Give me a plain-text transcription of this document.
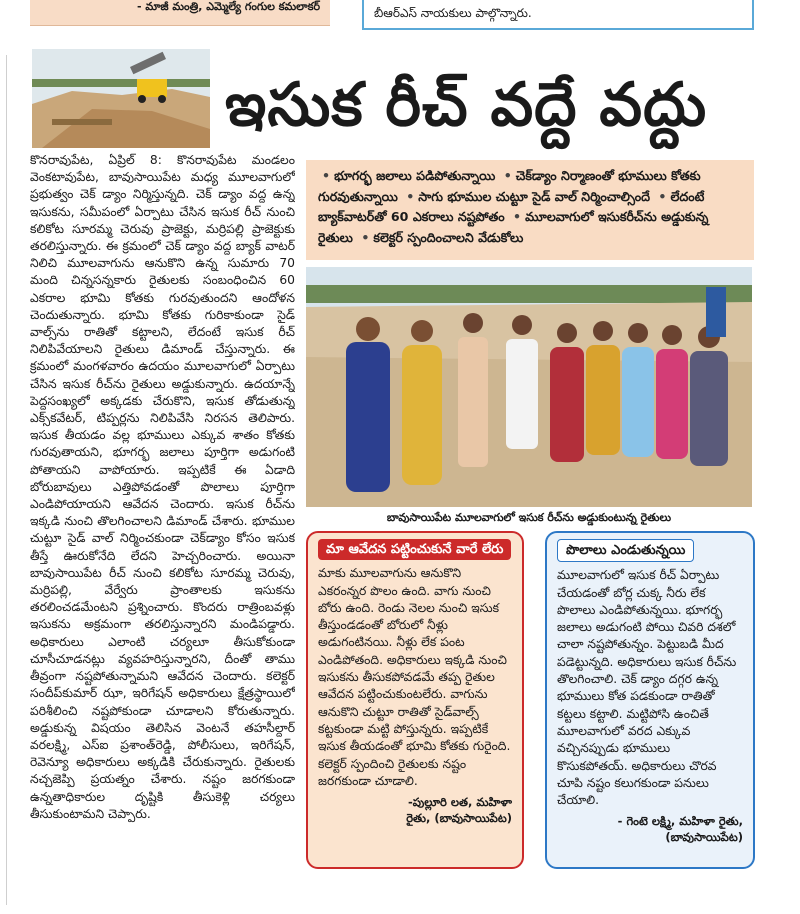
- మాజీ మంత్రి, ఎమ్మెల్యే గంగుల కమలాకర్	బీఆర్ఎస్ నాయకులు పాల్గొన్నారు.
ఇసుక రీచ్ వద్దే వద్దు
కొనరావుపేట, ఏప్రిల్ 8: కొనరావుపేట మండలం వెంకటావుపేట, బావుసాయిపేట మధ్య మూలవాగులో ప్రభుత్వం చెక్ డ్యాం నిర్మిస్తున్నది. చెక్ డ్యాం వద్ద ఉన్న ఇసుకను, సమీపంలో ఏర్పాటు చేసిన ఇసుక రీచ్ నుంచి కలికోట సూరమ్మ చెరువు ప్రాజెక్టు, మర్రిపల్లి ప్రాజెక్టుకు తరలిస్తున్నారు. ఈ క్రమంలో చెక్ డ్యాం వద్ద బ్యాక్ వాటర్ నిలిచి మూలవాగును ఆనుకొని ఉన్న సుమారు 70 మంది చిన్నసన్నకారు రైతులకు సంబంధించిన 60 ఎకరాల భూమి కోతకు గురవుతుందని ఆందోళన చెందుతున్నారు. భూమి కోతకు గురికాకుండా సైడ్ వాల్స్‌ను రాతితో కట్టాలని, లేదంటే ఇసుక రీచ్ నిలిపివేయాలని రైతులు డిమాండ్ చేస్తున్నారు. ఈ క్రమంలో మంగళవారం ఉదయం మూలవాగులో ఏర్పాటు చేసిన ఇసుక రీచ్‌ను రైతులు అడ్డుకున్నారు. ఉదయాన్నే పెద్దసంఖ్యలో అక్కడకు చేరుకొని, ఇసుక తోడుతున్న ఎక్స్‌కవేటర్, టిప్పర్లను నిలిపివేసి నిరసన తెలిపారు. ఇసుక తీయడం వల్ల భూములు ఎక్కువ శాతం కోతకు గురవుతాయని, భూగర్భ జలాలు పూర్తిగా అడుగంటి పోతాయని వాపోయారు. ఇప్పటికే ఈ ఏడాది బోరుబావులు ఎత్తిపోవడంతో పొలాలు పూర్తిగా ఎండిపోయాయని ఆవేదన చెందారు. ఇసుక రీచ్‌ను ఇక్కడి నుంచి తొలగించాలని డిమాండ్ చేశారు. భూముల చుట్టూ సైడ్ వాల్ నిర్మించకుండా చెక్‌డ్యాం కోసం ఇసుక తీస్తే ఊరుకోనేది లేదని హెచ్చరించారు. అయినా బావుసాయిపేట రీచ్ నుంచి కలికోట సూరమ్మ చెరువు, మర్రిపల్లి, వేర్వేరు ప్రాంతాలకు ఇసుకను తరలించడమేంటని ప్రశ్నించారు. కొందరు రాత్రింబవళ్లు ఇసుకను అక్రమంగా తరలిస్తున్నారని మండిపడ్డారు. అధికారులు ఎలాంటి చర్యలూ తీసుకోకుండా చూసీచూడనట్లు వ్యవహరిస్తున్నారని, దీంతో తాము తీవ్రంగా నష్టపోతున్నామని ఆవేదన చెందారు. కలెక్టర్ సందీప్‌కుమార్ ఝా, ఇరిగేషన్ అధికారులు క్షేత్రస్థాయిలో పరిశీలించి నష్టపోకుండా చూడాలని కోరుతున్నారు. అడ్డుకున్న విషయం తెలిసిన వెంటనే తహసీల్దార్ వరలక్ష్మి, ఎస్ఐ ప్రశాంత్‌రెడ్డి, పోలీసులు, ఇరిగేషన్, రెవెన్యూ అధికారులు అక్కడికి చేరుకున్నారు. రైతులకు నచ్చజెప్పి ప్రయత్నం చేశారు. నష్టం జరగకుండా ఉన్నతాధికారుల దృష్టికి తీసుకెళ్లి చర్యలు తీసుకుంటామని చెప్పారు.
• భూగర్భ జలాలు పడిపోతున్నాయి • చెక్‌డ్యాం నిర్మాణంతో భూములు కోతకు గురవుతున్నాయి • సాగు భూముల చుట్టూ సైడ్ వాల్ నిర్మించాల్సిందే • లేదంటే బ్యాక్‌వాటర్‌తో 60 ఎకరాలు నష్టపోతం • మూలవాగులో ఇసుకరీచ్‌ను అడ్డుకున్న రైతులు • కలెక్టర్ స్పందించాలని వేడుకోలు
బావుసాయిపేట మూలవాగులో ఇసుక రీచ్‌ను అడ్డుకుంటున్న రైతులు
మా ఆవేదన పట్టించుకునే వారే లేరు
మాకు మూలవాగును ఆనుకొని ఎకరంన్నర పొలం ఉంది. వాగు నుంచి బోరు ఉంది. రెండు నెలల నుంచి ఇసుక తీస్తుండడంతో బోరులో నీళ్లు అడుగంటినయి. నీళ్లు లేక పంట ఎండిపోతంది. అధికారులు ఇక్కడి నుంచి ఇసుకను తీసుకపోవడమే తప్ప రైతుల ఆవేదన పట్టించుకుంటలేరు. వాగును ఆనుకొని చుట్టూ రాతితో సైడ్‌వాల్స్ కట్టకుండా మట్టి పోస్తున్నరు. ఇప్పటికే ఇసుక తీయడంతో భూమి కోతకు గురైంది. కలెక్టర్ స్పందించి రైతులకు నష్టం జరగకుండా చూడాలి.
-పుల్లూరి లత, మహిళా
రైతు, (బావుసాయిపేట)
పొలాలు ఎండుతున్నయి
మూలవాగులో ఇసుక రీచ్ ఏర్పాటు చేయడంతో బోర్ల చుక్క నీరు లేక పొలాలు ఎండిపోతున్నయి. భూగర్భ జలాలు అడుగంటి పోయి చివరి దశలో చాలా నష్టపోతున్నం. పెట్టుబడి మీద పడెట్టున్నది. అధికారులు ఇసుక రీచ్‌ను తొలగించాలి. చెక్ డ్యాం దగ్గర ఉన్న భూములు కోత పడకుండా రాతితో కట్టలు కట్టాలి. మట్టిపోసి ఉంచితే మూలవాగులో వరద ఎక్కువ వచ్చినప్పుడు భూములు కొసుకపోతయ్. అధికారులు చొరవ చూపి నష్టం కలుగకుండా పనులు చేయాలి.
- గెంటె లక్ష్మి, మహిళా రైతు,
(బావుసాయిపేట)
